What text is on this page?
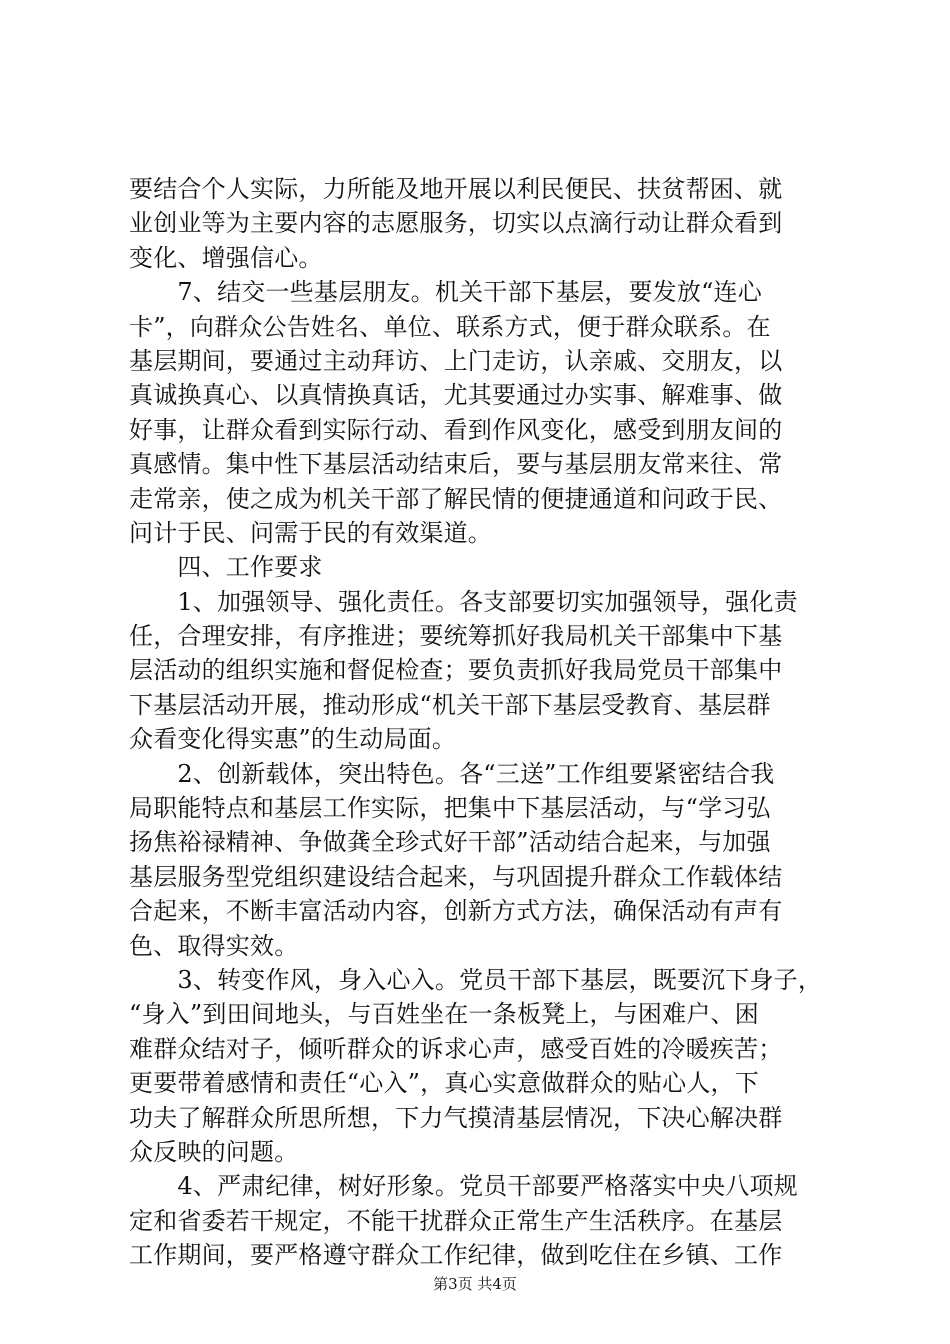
要结合个人实际，力所能及地开展以利民便民、扶贫帮困、就
业创业等为主要内容的志愿服务，切实以点滴行动让群众看到
变化、增强信心。
　　7、结交一些基层朋友。机关干部下基层，要发放“连心
卡”，向群众公告姓名、单位、联系方式，便于群众联系。在
基层期间，要通过主动拜访、上门走访，认亲戚、交朋友，以
真诚换真心、以真情换真话，尤其要通过办实事、解难事、做
好事，让群众看到实际行动、看到作风变化，感受到朋友间的
真感情。集中性下基层活动结束后，要与基层朋友常来往、常
走常亲，使之成为机关干部了解民情的便捷通道和问政于民、
问计于民、问需于民的有效渠道。
　　四、工作要求
　　1、加强领导、强化责任。各支部要切实加强领导，强化责
任，合理安排，有序推进；要统筹抓好我局机关干部集中下基
层活动的组织实施和督促检查；要负责抓好我局党员干部集中
下基层活动开展，推动形成“机关干部下基层受教育、基层群
众看变化得实惠”的生动局面。
　　2、创新载体，突出特色。各“三送”工作组要紧密结合我
局职能特点和基层工作实际，把集中下基层活动，与“学习弘
扬焦裕禄精神、争做龚全珍式好干部”活动结合起来，与加强
基层服务型党组织建设结合起来，与巩固提升群众工作载体结
合起来，不断丰富活动内容，创新方式方法，确保活动有声有
色、取得实效。
　　3、转变作风，身入心入。党员干部下基层，既要沉下身子，
“身入”到田间地头，与百姓坐在一条板凳上，与困难户、困
难群众结对子，倾听群众的诉求心声，感受百姓的冷暖疾苦；
更要带着感情和责任“心入”，真心实意做群众的贴心人，下
功夫了解群众所思所想，下力气摸清基层情况，下决心解决群
众反映的问题。
　　4、严肃纪律，树好形象。党员干部要严格落实中央八项规
定和省委若干规定，不能干扰群众正常生产生活秩序。在基层
工作期间，要严格遵守群众工作纪律，做到吃住在乡镇、工作
第3页 共4页
